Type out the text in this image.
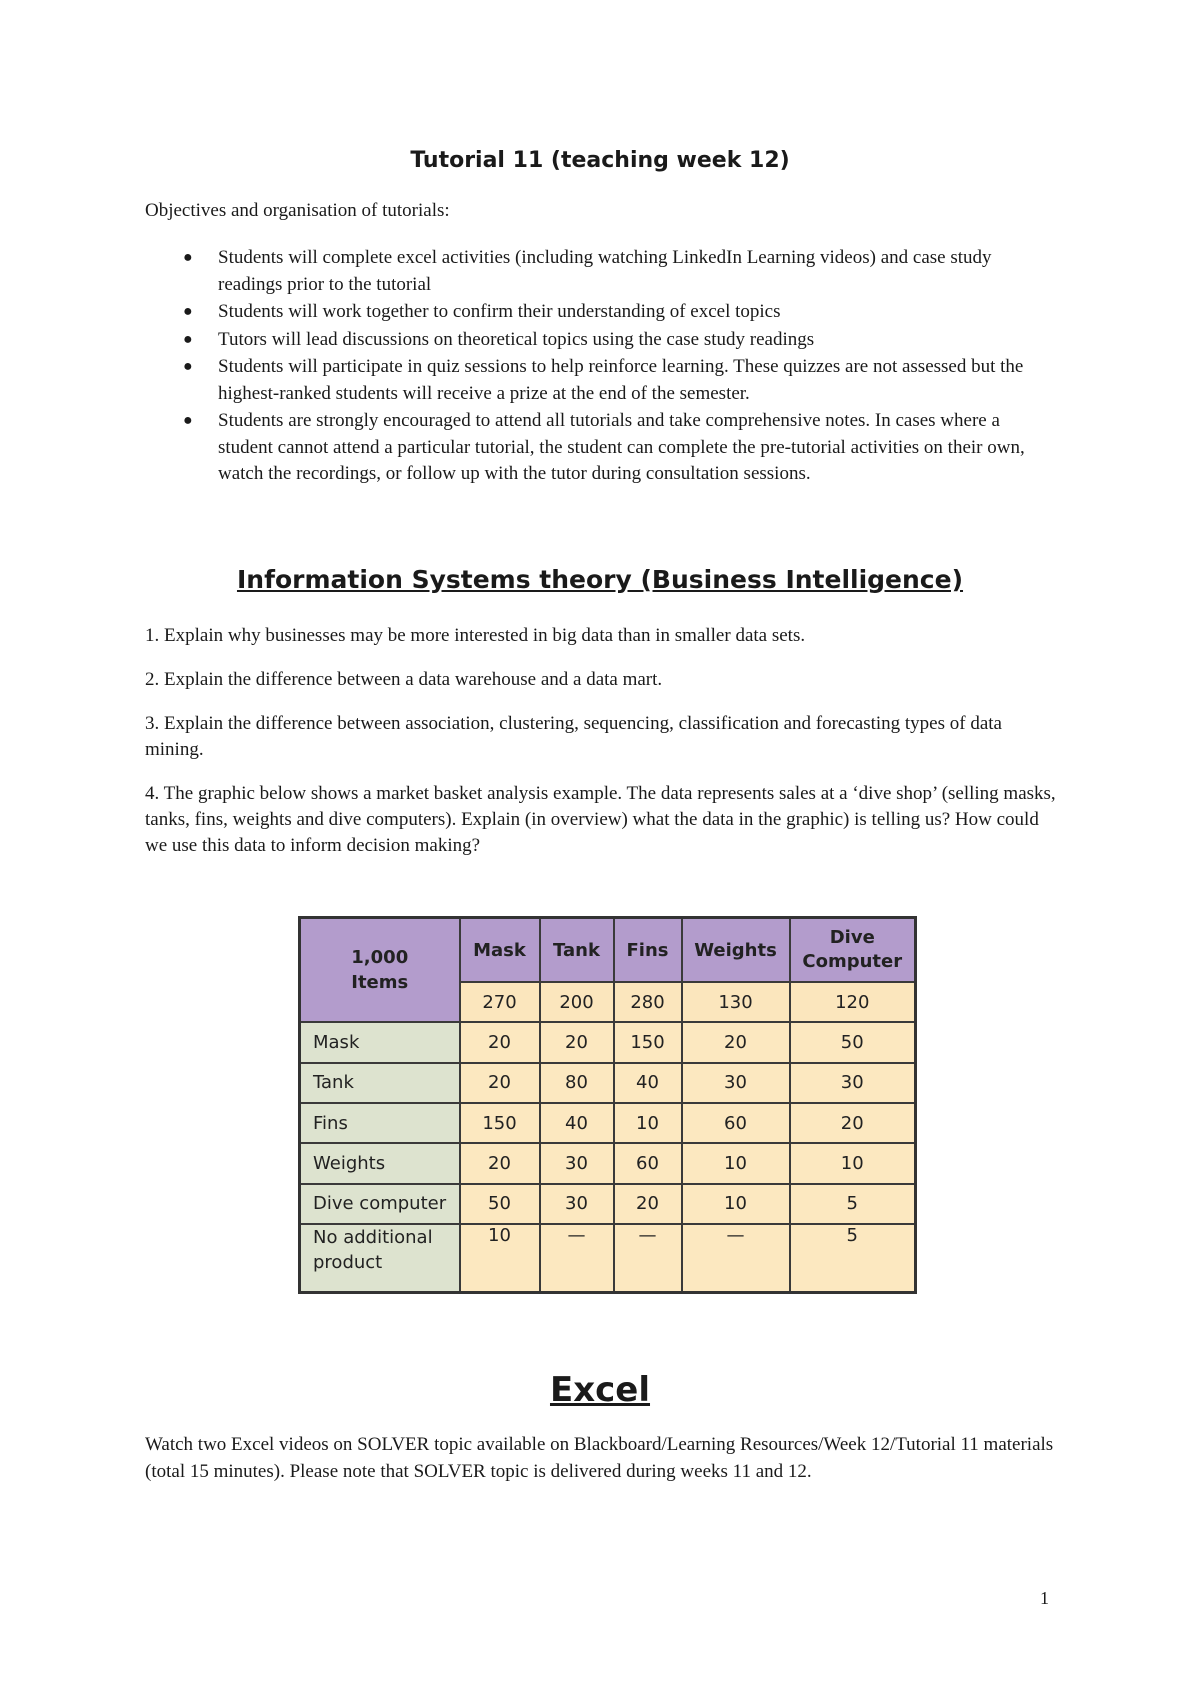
Tutorial 11 (teaching week 12)
Objectives and organisation of tutorials:
● Students will complete excel activities (including watching LinkedIn Learning videos) and case study readings prior to the tutorial
● Students will work together to confirm their understanding of excel topics
● Tutors will lead discussions on theoretical topics using the case study readings
● Students will participate in quiz sessions to help reinforce learning. These quizzes are not assessed but the highest-ranked students will receive a prize at the end of the semester.
● Students are strongly encouraged to attend all tutorials and take comprehensive notes. In cases where a student cannot attend a particular tutorial, the student can complete the pre-tutorial activities on their own, watch the recordings, or follow up with the tutor during consultation sessions.
Information Systems theory (Business Intelligence)

1. Explain why businesses may be more interested in big data than in smaller data sets.

2. Explain the difference between a data warehouse and a data mart.

3. Explain the difference between association, clustering, sequencing, classification and forecasting types of data mining.

4. The graphic below shows a market basket analysis example. The data represents sales at a ‘dive shop’ (selling masks, tanks, fins, weights and dive computers). Explain (in overview) what the data in the graphic) is telling us? How could we use this data to inform decision making?

1,000
Items	Mask	Tank	Fins	Weights	Dive Computer
	270	200	280	130	120
Mask	20	20	150	20	50
Tank	20	80	40	30	30
Fins	150	40	10	60	20
Weights	20	30	60	10	10
Dive computer	50	30	20	10	5
No additional product	10	—	—	—	5
Excel

Watch two Excel videos on SOLVER topic available on Blackboard/Learning Resources/Week 12/Tutorial 11 materials (total 15 minutes). Please note that SOLVER topic is delivered during weeks 11 and 12.

1
